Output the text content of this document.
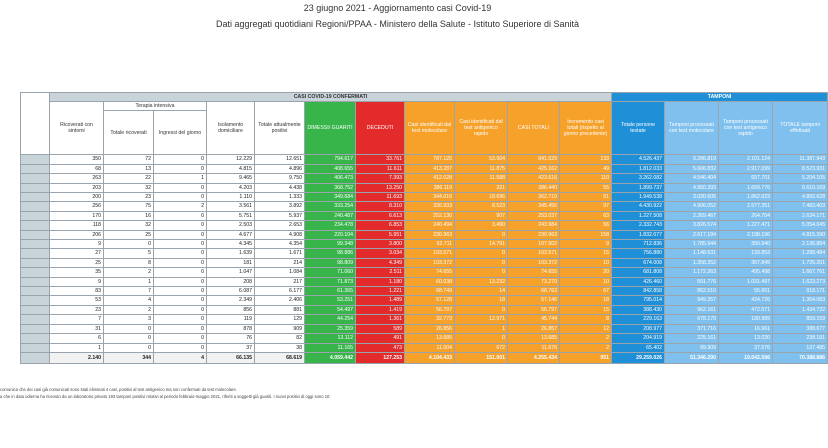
23 giugno 2021 - Aggiornamento casi Covid-19
Dati aggregati quotidiani Regioni/PPAA - Ministero della Salute - Istituto Superiore di Sanità
	CASI COVID-19 CONFERMATI											TAMPONI			
	Ricoverati con sintomi	Terapia intensiva		Isolamento domiciliare	Totale attualmente positivi	DIMESSI/ GUARITI	DECEDUTI	Casi identificati dal test molecolare	Casi identificati dal test antigenico rapido	CASI TOTALI	Incremento casi totali (rispetto al giorno precedente)	Totale persone testate	Tamponi processati con test molecolare	Tamponi processati con test antigenico rapido	TOTALE tamponi effettuati
		Totale ricoverati	Ingressi del giorno												
	350	72	0	12.229	12.651	794.617	33.761	787.125	53.904	841.029	133	4.526.437	9.286.819	2.101.124	11.387.943
	68	13	0	4.815	4.896	408.655	11.611	413.287	11.875	425.162	49	1.812.033	5.606.832	2.917.099	8.523.931
	263	22	1	9.465	9.750	406.473	7.393	412.028	11.588	423.616	110	3.262.082	4.546.404	657.701	5.204.105
	203	32	0	4.203	4.438	368.752	13.250	386.119	321	386.440	55	1.899.737	4.950.393	1.659.776	6.610.169
	200	23	0	1.110	1.333	349.684	11.693	344.016	18.696	362.710	51	1.949.538	3.030.605	1.862.023	4.892.628
	256	75	2	3.561	3.892	333.254	8.310	336.933	8.523	345.456	97	4.430.922	4.906.052	2.577.351	7.483.403
	170	16	0	5.751	5.937	240.487	6.613	252.130	907	253.037	63	1.227.508	2.369.467	264.704	2.634.171
	118	32	0	2.503	2.653	234.478	6.853	240.494	3.490	243.984	56	2.332.743	3.826.574	1.227.471	5.054.045
	206	25	0	4.677	4.908	220.104	5.951	230.963	0	230.963	158	1.832.077	2.617.194	2.198.196	4.815.390
	9	0	0	4.345	4.354	99.348	3.800	92.711	14.791	107.502	9	712.836	1.785.944	350.940	2.136.884
	27	5	0	1.639	1.671	98.886	3.034	103.571	0	103.571	15	756.880	1.148.631	139.853	1.288.484
	25	8	0	181	214	98.809	4.349	103.372	0	103.372	10	674.008	1.358.352	367.849	1.726.201
	35	2	0	1.047	1.084	71.060	2.511	74.655	0	74.655	20	681.808	1.172.263	495.498	1.667.761
	9	1	0	208	217	71.873	1.180	60.038	13.232	73.270	10	426.460	591.776	1.031.497	1.623.273
	83	7	0	6.087	6.177	61.365	1.221	68.749	14	68.763	67	842.858	862.510	55.661	918.171
	53	4	0	2.349	2.406	53.251	1.489	57.128	18	57.146	18	795.014	949.357	424.726	1.364.083
	23	2	0	856	881	54.497	1.419	56.797	0	56.797	15	388.430	962.161	472.571	1.434.732
	7	3	0	119	129	44.254	1.361	32.773	12.971	45.744	8	229.163	678.170	180.989	859.159
	31	0	0	878	909	25.359	589	26.856	1	26.857	12	208.977	371.716	16.961	388.677
	6	0	0	76	82	13.112	491	13.685	0	13.685	2	204.919	225.161	13.030	238.191
	1	0	0	37	38	11.165	473	11.004	672	11.676	2	65.402	99.909	37.576	137.485
	2.140	344	4	66.135	68.619	4.059.442	127.253	4.104.433	151.001	4.255.434	951	29.259.026	51.346.290	19.042.596	70.388.886
comunica che dei casi già comunicati sono stati eliminati 4 casi, positivi al test antigenico ma non confermati da test molecolare.
a che in data odierna ha ricevuto da un laboratorio privato 193 tamponi positivi relativi al periodo febbraio-maggio 2021, riferiti a soggetti già guariti. I nuovi positivi di oggi sono 10.
